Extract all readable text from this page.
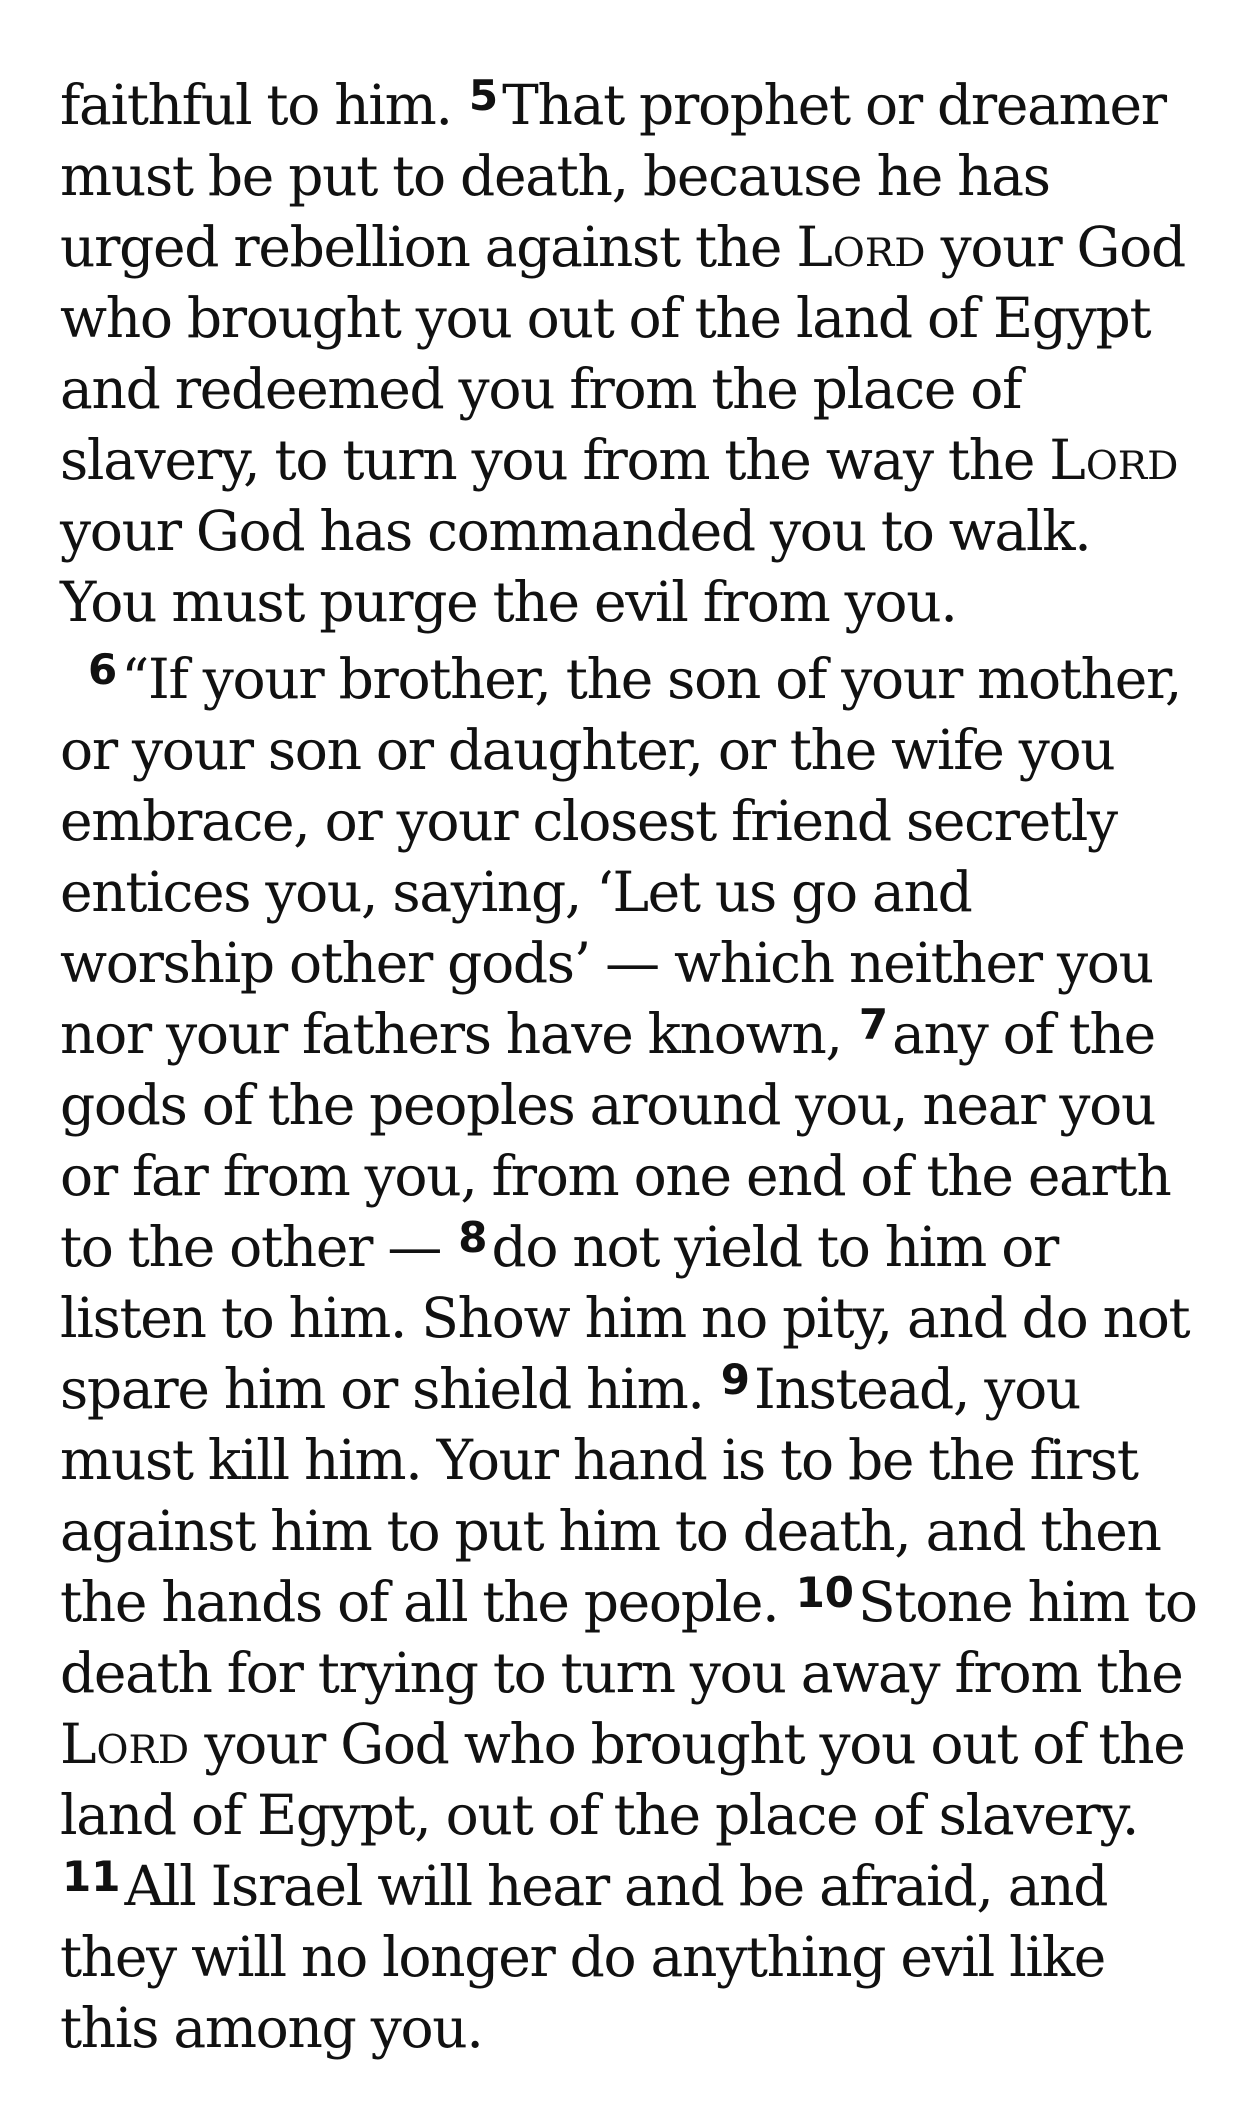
faithful to him. $^5$That prophet or dreamer must be put to death, because he has urged rebellion against the Lord your God who brought you out of the land of Egypt and redeemed you from the place of slavery, to turn you from the way the Lord your God has commanded you to walk. You must purge the evil from you.

$^6$“If your brother, the son of your mother, or your son or daughter, or the wife you embrace, or your closest friend secretly entices you, saying, ‘Let us go and worship other gods’ — which neither you nor your fathers have known, $^7$any of the gods of the peoples around you, near you or far from you, from one end of the earth to the other — $^8$do not yield to him or listen to him. Show him no pity, and do not spare him or shield him. $^9$Instead, you must kill him. Your hand is to be the first against him to put him to death, and then the hands of all the people. $^{10}$Stone him to death for trying to turn you away from the Lord your God who brought you out of the land of Egypt, out of the place of slavery. $^{11}$All Israel will hear and be afraid, and they will no longer do anything evil like this among you.
